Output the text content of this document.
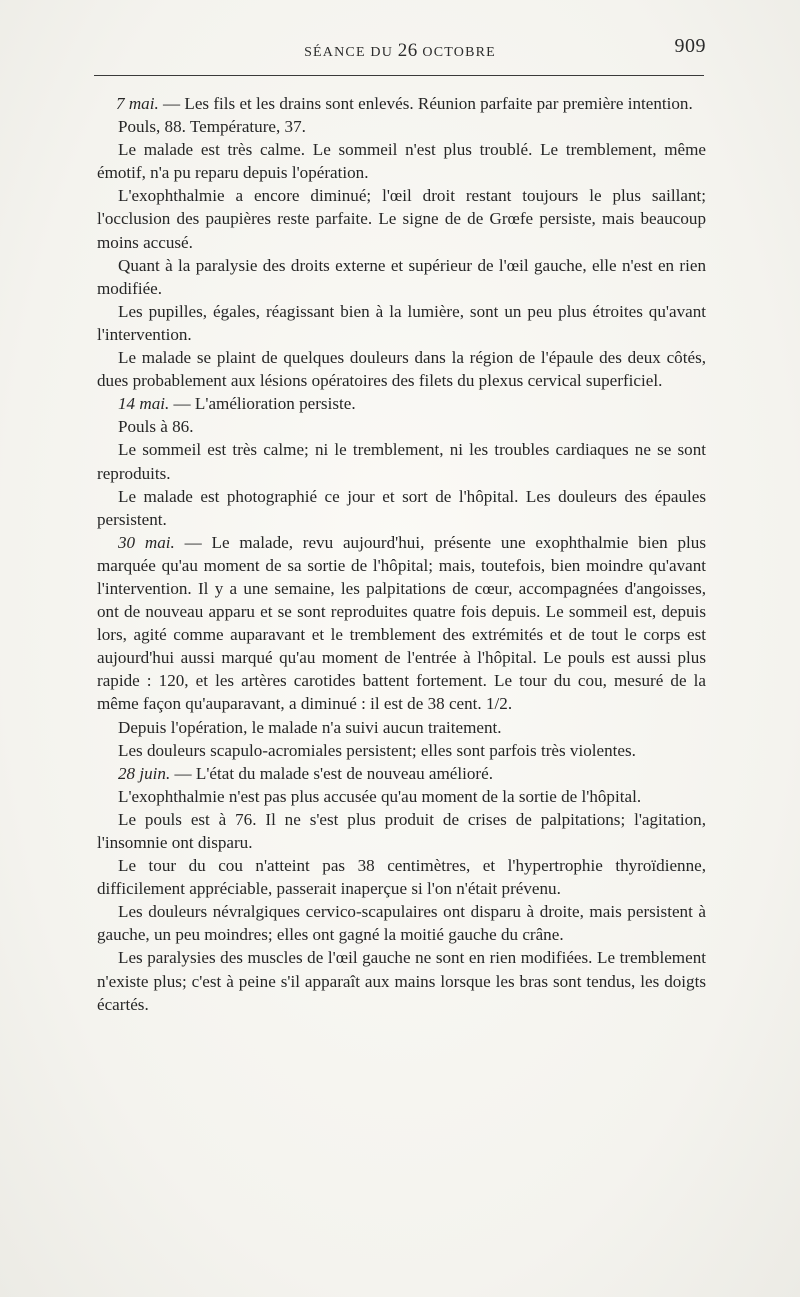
SÉANCE DU 26 OCTOBRE	909

7 mai. — Les fils et les drains sont enlevés. Réunion parfaite par première intention.

Pouls, 88. Température, 37.

Le malade est très calme. Le sommeil n'est plus troublé. Le tremblement, même émotif, n'a pu reparu depuis l'opération.

L'exophthalmie a encore diminué; l'œil droit restant toujours le plus saillant; l'occlusion des paupières reste parfaite. Le signe de de Grœfe persiste, mais beaucoup moins accusé.

Quant à la paralysie des droits externe et supérieur de l'œil gauche, elle n'est en rien modifiée.

Les pupilles, égales, réagissant bien à la lumière, sont un peu plus étroites qu'avant l'intervention.

Le malade se plaint de quelques douleurs dans la région de l'épaule des deux côtés, dues probablement aux lésions opératoires des filets du plexus cervical superficiel.

14 mai. — L'amélioration persiste.

Pouls à 86.

Le sommeil est très calme; ni le tremblement, ni les troubles cardiaques ne se sont reproduits.

Le malade est photographié ce jour et sort de l'hôpital. Les douleurs des épaules persistent.

30 mai. — Le malade, revu aujourd'hui, présente une exophthalmie bien plus marquée qu'au moment de sa sortie de l'hôpital; mais, toutefois, bien moindre qu'avant l'intervention. Il y a une semaine, les palpitations de cœur, accompagnées d'angoisses, ont de nouveau apparu et se sont reproduites quatre fois depuis. Le sommeil est, depuis lors, agité comme auparavant et le tremblement des extrémités et de tout le corps est aujourd'hui aussi marqué qu'au moment de l'entrée à l'hôpital. Le pouls est aussi plus rapide : 120, et les artères carotides battent fortement. Le tour du cou, mesuré de la même façon qu'auparavant, a diminué : il est de 38 cent. 1/2.

Depuis l'opération, le malade n'a suivi aucun traitement.

Les douleurs scapulo-acromiales persistent; elles sont parfois très violentes.

28 juin. — L'état du malade s'est de nouveau amélioré.

L'exophthalmie n'est pas plus accusée qu'au moment de la sortie de l'hôpital.

Le pouls est à 76. Il ne s'est plus produit de crises de palpitations; l'agitation, l'insomnie ont disparu.

Le tour du cou n'atteint pas 38 centimètres, et l'hypertrophie thyroïdienne, difficilement appréciable, passerait inaperçue si l'on n'était prévenu.

Les douleurs névralgiques cervico-scapulaires ont disparu à droite, mais persistent à gauche, un peu moindres; elles ont gagné la moitié gauche du crâne.

Les paralysies des muscles de l'œil gauche ne sont en rien modifiées. Le tremblement n'existe plus; c'est à peine s'il apparaît aux mains lorsque les bras sont tendus, les doigts écartés.
